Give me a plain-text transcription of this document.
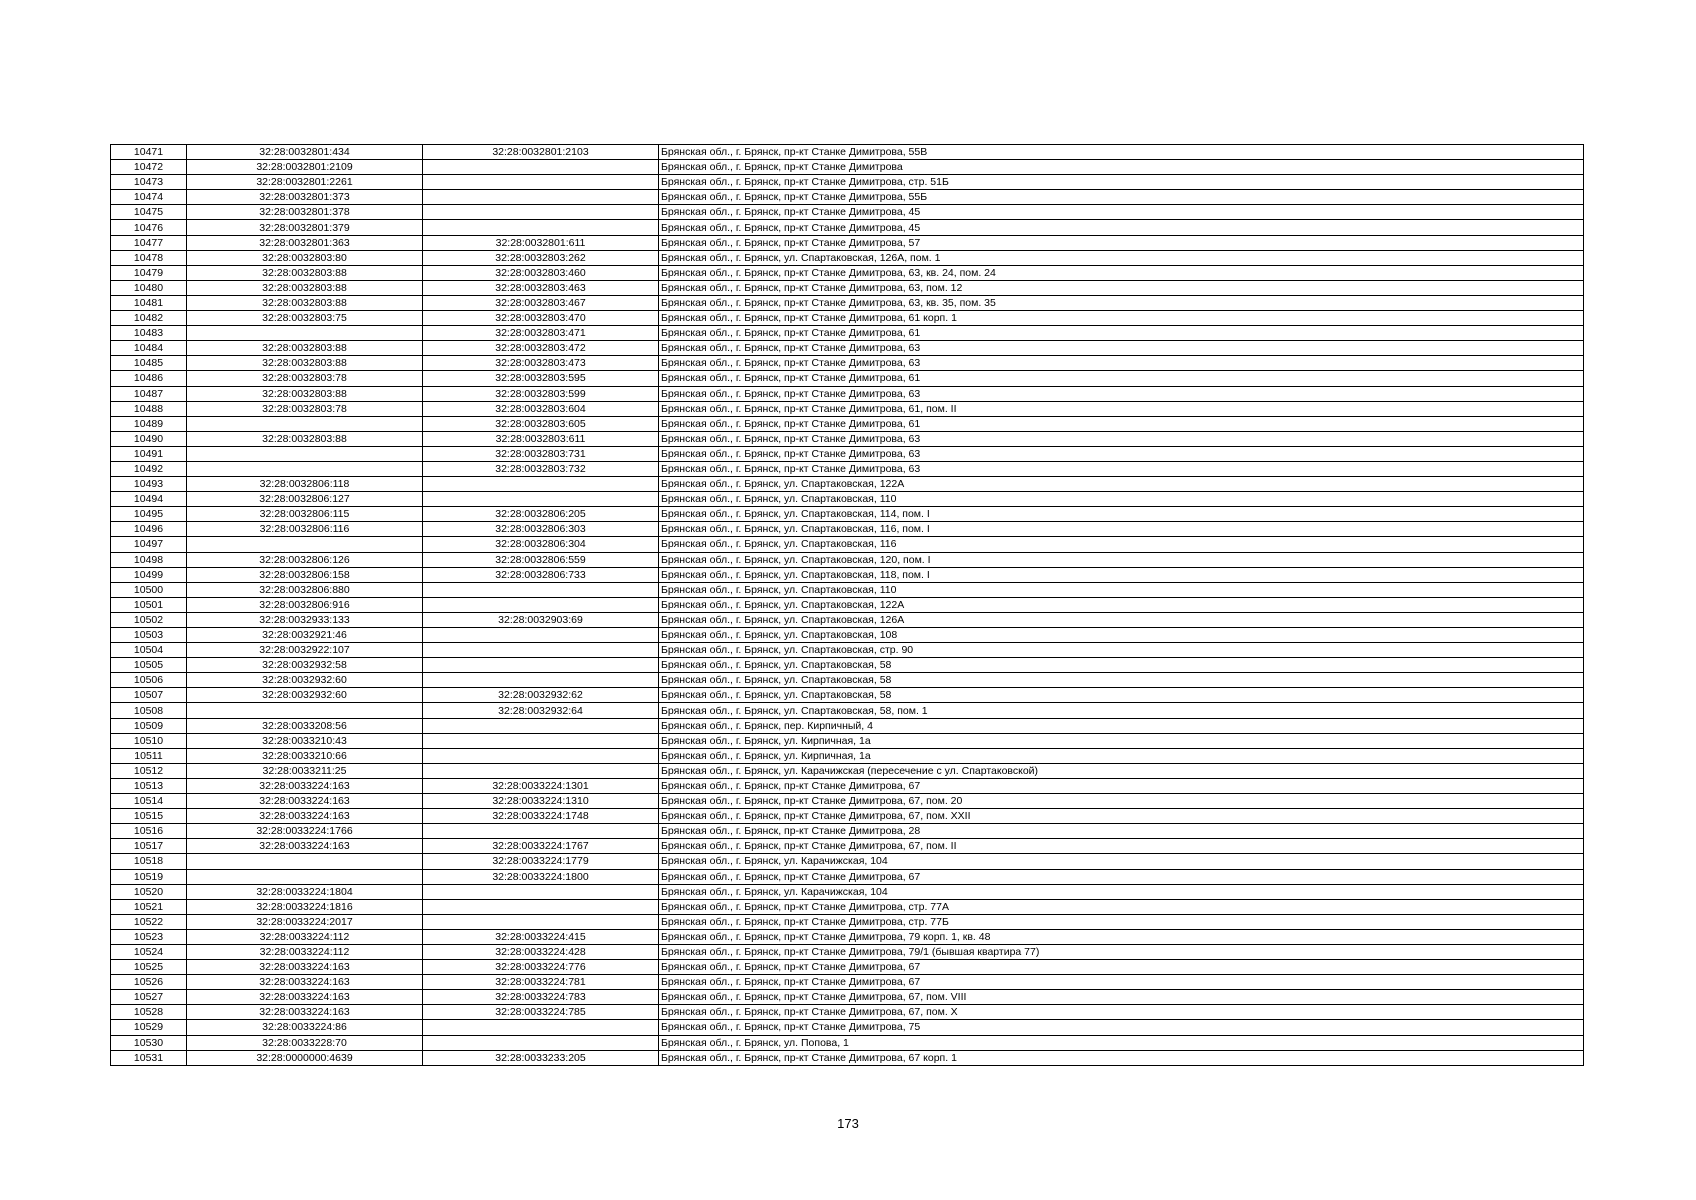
10471	32:28:0032801:434	32:28:0032801:2103	Брянская обл., г. Брянск, пр-кт Станке Димитрова, 55В
10472	32:28:0032801:2109		Брянская обл., г. Брянск, пр-кт Станке Димитрова
10473	32:28:0032801:2261		Брянская обл., г. Брянск, пр-кт Станке Димитрова, стр. 51Б
10474	32:28:0032801:373		Брянская обл., г. Брянск, пр-кт Станке Димитрова, 55Б
10475	32:28:0032801:378		Брянская обл., г. Брянск, пр-кт Станке Димитрова, 45
10476	32:28:0032801:379		Брянская обл., г. Брянск, пр-кт Станке Димитрова, 45
10477	32:28:0032801:363	32:28:0032801:611	Брянская обл., г. Брянск, пр-кт Станке Димитрова, 57
10478	32:28:0032803:80	32:28:0032803:262	Брянская обл., г. Брянск, ул. Спартаковская, 126А, пом. 1
10479	32:28:0032803:88	32:28:0032803:460	Брянская обл., г. Брянск, пр-кт Станке Димитрова, 63, кв. 24, пом. 24
10480	32:28:0032803:88	32:28:0032803:463	Брянская обл., г. Брянск, пр-кт Станке Димитрова, 63, пом. 12
10481	32:28:0032803:88	32:28:0032803:467	Брянская обл., г. Брянск, пр-кт Станке Димитрова, 63, кв. 35, пом. 35
10482	32:28:0032803:75	32:28:0032803:470	Брянская обл., г. Брянск, пр-кт Станке Димитрова, 61 корп. 1
10483		32:28:0032803:471	Брянская обл., г. Брянск, пр-кт Станке Димитрова, 61
10484	32:28:0032803:88	32:28:0032803:472	Брянская обл., г. Брянск, пр-кт Станке Димитрова, 63
10485	32:28:0032803:88	32:28:0032803:473	Брянская обл., г. Брянск, пр-кт Станке Димитрова, 63
10486	32:28:0032803:78	32:28:0032803:595	Брянская обл., г. Брянск, пр-кт Станке Димитрова, 61
10487	32:28:0032803:88	32:28:0032803:599	Брянская обл., г. Брянск, пр-кт Станке Димитрова, 63
10488	32:28:0032803:78	32:28:0032803:604	Брянская обл., г. Брянск, пр-кт Станке Димитрова, 61, пом. II
10489		32:28:0032803:605	Брянская обл., г. Брянск, пр-кт Станке Димитрова, 61
10490	32:28:0032803:88	32:28:0032803:611	Брянская обл., г. Брянск, пр-кт Станке Димитрова, 63
10491		32:28:0032803:731	Брянская обл., г. Брянск, пр-кт Станке Димитрова, 63
10492		32:28:0032803:732	Брянская обл., г. Брянск, пр-кт Станке Димитрова, 63
10493	32:28:0032806:118		Брянская обл., г. Брянск, ул. Спартаковская, 122А
10494	32:28:0032806:127		Брянская обл., г. Брянск, ул. Спартаковская, 110
10495	32:28:0032806:115	32:28:0032806:205	Брянская обл., г. Брянск, ул. Спартаковская, 114, пом. I
10496	32:28:0032806:116	32:28:0032806:303	Брянская обл., г. Брянск, ул. Спартаковская, 116, пом. I
10497		32:28:0032806:304	Брянская обл., г. Брянск, ул. Спартаковская, 116
10498	32:28:0032806:126	32:28:0032806:559	Брянская обл., г. Брянск, ул. Спартаковская, 120, пом. I
10499	32:28:0032806:158	32:28:0032806:733	Брянская обл., г. Брянск, ул. Спартаковская, 118, пом. I
10500	32:28:0032806:880		Брянская обл., г. Брянск, ул. Спартаковская, 110
10501	32:28:0032806:916		Брянская обл., г. Брянск, ул. Спартаковская, 122А
10502	32:28:0032933:133	32:28:0032903:69	Брянская обл., г. Брянск, ул. Спартаковская, 126А
10503	32:28:0032921:46		Брянская обл., г. Брянск, ул. Спартаковская, 108
10504	32:28:0032922:107		Брянская обл., г. Брянск, ул. Спартаковская, стр. 90
10505	32:28:0032932:58		Брянская обл., г. Брянск, ул. Спартаковская, 58
10506	32:28:0032932:60		Брянская обл., г. Брянск, ул. Спартаковская, 58
10507	32:28:0032932:60	32:28:0032932:62	Брянская обл., г. Брянск, ул. Спартаковская, 58
10508		32:28:0032932:64	Брянская обл., г. Брянск, ул. Спартаковская, 58, пом. 1
10509	32:28:0033208:56		Брянская обл., г. Брянск, пер. Кирпичный, 4
10510	32:28:0033210:43		Брянская обл., г. Брянск, ул. Кирпичная, 1а
10511	32:28:0033210:66		Брянская обл., г. Брянск, ул. Кирпичная, 1а
10512	32:28:0033211:25		Брянская обл., г. Брянск, ул. Карачижская (пересечение с ул. Спартаковской)
10513	32:28:0033224:163	32:28:0033224:1301	Брянская обл., г. Брянск, пр-кт Станке Димитрова, 67
10514	32:28:0033224:163	32:28:0033224:1310	Брянская обл., г. Брянск, пр-кт Станке Димитрова, 67, пом. 20
10515	32:28:0033224:163	32:28:0033224:1748	Брянская обл., г. Брянск, пр-кт Станке Димитрова, 67, пом. XXII
10516	32:28:0033224:1766		Брянская обл., г. Брянск, пр-кт Станке Димитрова, 28
10517	32:28:0033224:163	32:28:0033224:1767	Брянская обл., г. Брянск, пр-кт Станке Димитрова, 67, пом. II
10518		32:28:0033224:1779	Брянская обл., г. Брянск, ул. Карачижская, 104
10519		32:28:0033224:1800	Брянская обл., г. Брянск, пр-кт Станке Димитрова, 67
10520	32:28:0033224:1804		Брянская обл., г. Брянск, ул. Карачижская, 104
10521	32:28:0033224:1816		Брянская обл., г. Брянск, пр-кт Станке Димитрова, стр. 77А
10522	32:28:0033224:2017		Брянская обл., г. Брянск, пр-кт Станке Димитрова, стр. 77Б
10523	32:28:0033224:112	32:28:0033224:415	Брянская обл., г. Брянск, пр-кт Станке Димитрова, 79 корп. 1, кв. 48
10524	32:28:0033224:112	32:28:0033224:428	Брянская обл., г. Брянск, пр-кт Станке Димитрова, 79/1 (бывшая квартира 77)
10525	32:28:0033224:163	32:28:0033224:776	Брянская обл., г. Брянск, пр-кт Станке Димитрова, 67
10526	32:28:0033224:163	32:28:0033224:781	Брянская обл., г. Брянск, пр-кт Станке Димитрова, 67
10527	32:28:0033224:163	32:28:0033224:783	Брянская обл., г. Брянск, пр-кт Станке Димитрова, 67, пом. VIII
10528	32:28:0033224:163	32:28:0033224:785	Брянская обл., г. Брянск, пр-кт Станке Димитрова, 67, пом. X
10529	32:28:0033224:86		Брянская обл., г. Брянск, пр-кт Станке Димитрова, 75
10530	32:28:0033228:70		Брянская обл., г. Брянск, ул. Попова, 1
10531	32:28:0000000:4639	32:28:0033233:205	Брянская обл., г. Брянск, пр-кт Станке Димитрова, 67 корп. 1
173
